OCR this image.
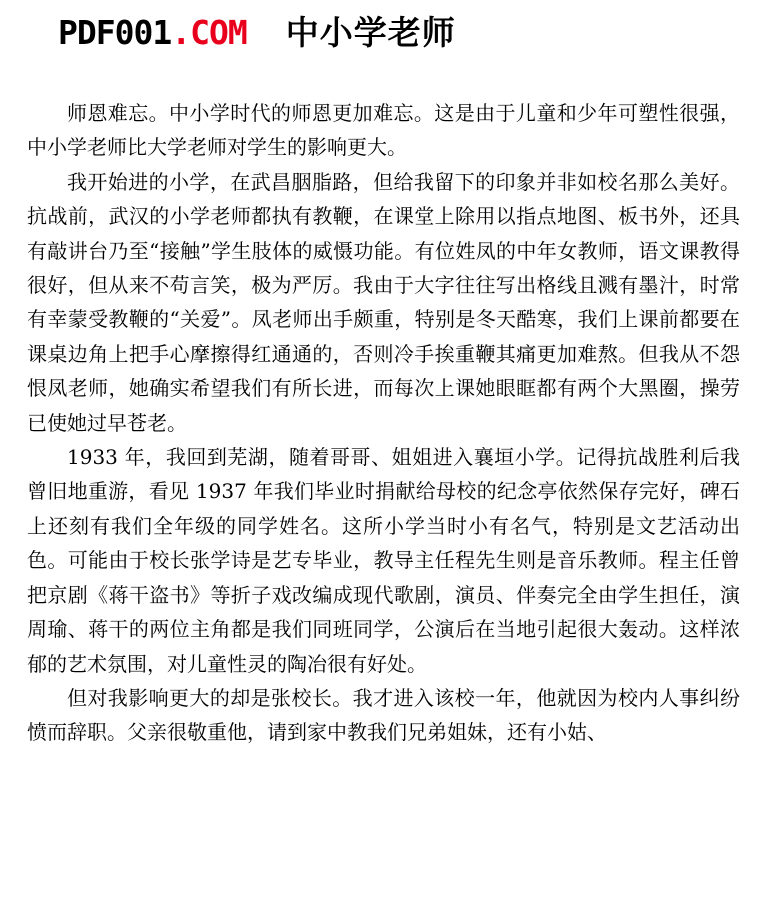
PDF001.COM 中小学老师

师恩难忘。中小学时代的师恩更加难忘。这是由于儿童和少年可塑性很强，中小学老师比大学老师对学生的影响更大。

我开始进的小学，在武昌胭脂路，但给我留下的印象并非如校名那么美好。抗战前，武汉的小学老师都执有教鞭，在课堂上除用以指点地图、板书外，还具有敲讲台乃至“接触”学生肢体的威慑功能。有位姓凤的中年女教师，语文课教得很好，但从来不苟言笑，极为严厉。我由于大字往往写出格线且溅有墨汁，时常有幸蒙受教鞭的“关爱”。凤老师出手颇重，特别是冬天酷寒，我们上课前都要在课桌边角上把手心摩擦得红通通的，否则冷手挨重鞭其痛更加难熬。但我从不怨恨凤老师，她确实希望我们有所长进，而每次上课她眼眶都有两个大黑圈，操劳已使她过早苍老。

1933 年，我回到芜湖，随着哥哥、姐姐进入襄垣小学。记得抗战胜利后我曾旧地重游，看见 1937 年我们毕业时捐献给母校的纪念亭依然保存完好，碑石上还刻有我们全年级的同学姓名。这所小学当时小有名气，特别是文艺活动出色。可能由于校长张学诗是艺专毕业，教导主任程先生则是音乐教师。程主任曾把京剧《蒋干盗书》等折子戏改编成现代歌剧，演员、伴奏完全由学生担任，演周瑜、蒋干的两位主角都是我们同班同学，公演后在当地引起很大轰动。这样浓郁的艺术氛围，对儿童性灵的陶冶很有好处。

但对我影响更大的却是张校长。我才进入该校一年，他就因为校内人事纠纷愤而辞职。父亲很敬重他，请到家中教我们兄弟姐妹，还有小姑、
